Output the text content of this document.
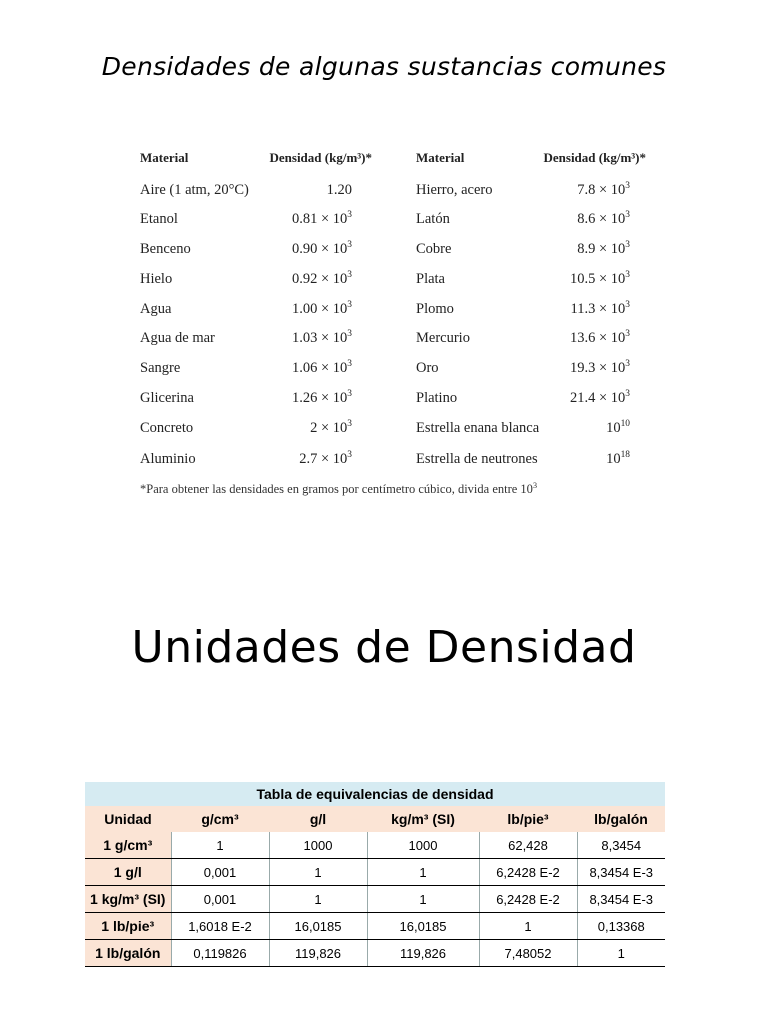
Densidades de algunas sustancias comunes
Material	Densidad (kg/m³)*	Material	Densidad (kg/m³)*
Aire (1 atm, 20°C)	1.20	Hierro, acero	$7.8 \times 10^3$
Etanol	$0.81 \times 10^3$	Latón	$8.6 \times 10^3$
Benceno	$0.90 \times 10^3$	Cobre	$8.9 \times 10^3$
Hielo	$0.92 \times 10^3$	Plata	$10.5 \times 10^3$
Agua	$1.00 \times 10^3$	Plomo	$11.3 \times 10^3$
Agua de mar	$1.03 \times 10^3$	Mercurio	$13.6 \times 10^3$
Sangre	$1.06 \times 10^3$	Oro	$19.3 \times 10^3$
Glicerina	$1.26 \times 10^3$	Platino	$21.4 \times 10^3$
Concreto	$2 \times 10^3$	Estrella enana blanca	$10^{10}$
Aluminio	$2.7 \times 10^3$	Estrella de neutrones	$10^{18}$
*Para obtener las densidades en gramos por centímetro cúbico, divida entre $10^3$
Unidades de Densidad
Tabla de equivalencias de densidad
Unidad	g/cm³	g/l	kg/m³ (SI)	lb/pie³	lb/galón
1 g/cm³	1	1000	1000	62,428	8,3454
1 g/l	0,001	1	1	6,2428 E-2	8,3454 E-3
1 kg/m³ (SI)	0,001	1	1	6,2428 E-2	8,3454 E-3
1 lb/pie³	1,6018 E-2	16,0185	16,0185	1	0,13368
1 lb/galón	0,119826	119,826	119,826	7,48052	1
